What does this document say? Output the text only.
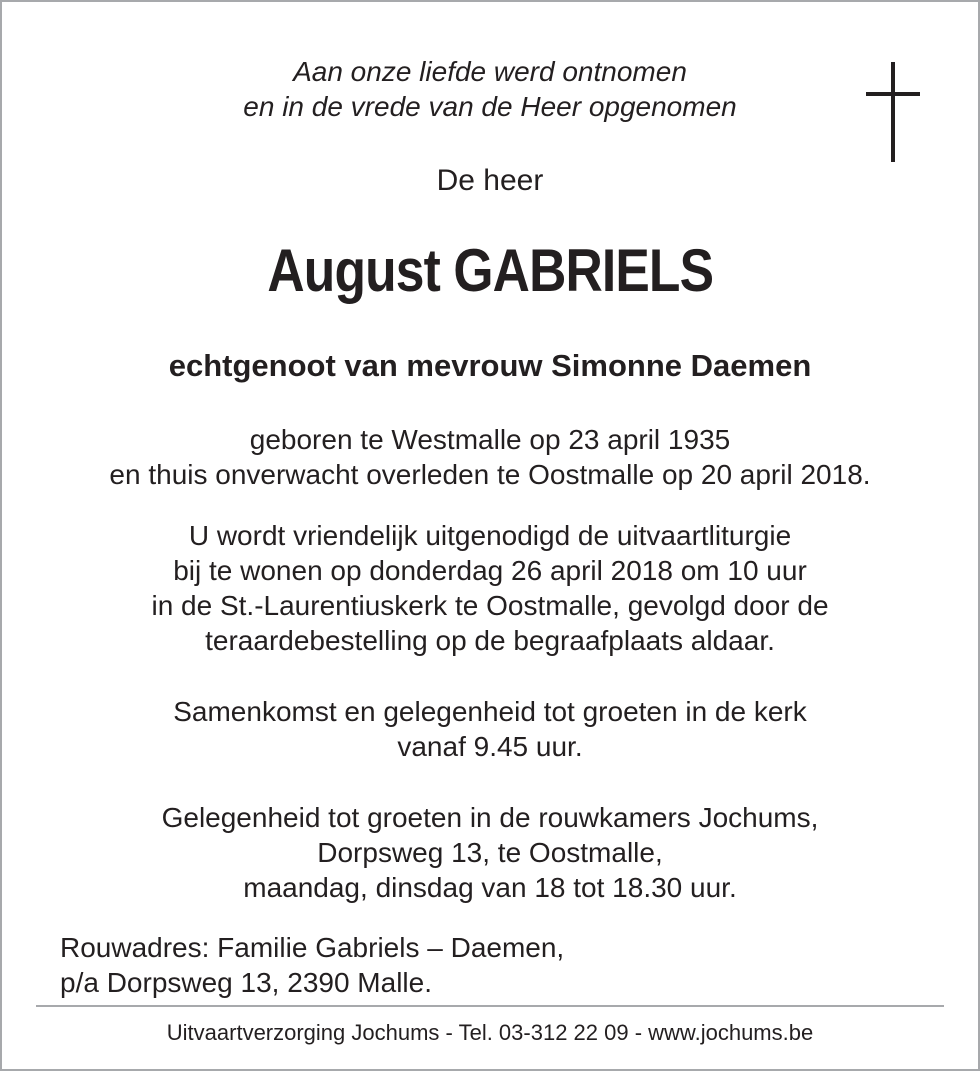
Aan onze liefde werd ontnomen
en in de vrede van de Heer opgenomen
De heer
August GABRIELS
echtgenoot van mevrouw Simonne Daemen
geboren te Westmalle op 23 april 1935
en thuis onverwacht overleden te Oostmalle op 20 april 2018.
U wordt vriendelijk uitgenodigd de uitvaartliturgie
bij te wonen op donderdag 26 april 2018 om 10 uur
in de St.-Laurentiuskerk te Oostmalle, gevolgd door de
teraardebestelling op de begraafplaats aldaar.
Samenkomst en gelegenheid tot groeten in de kerk
vanaf 9.45 uur.
Gelegenheid tot groeten in de rouwkamers Jochums,
Dorpsweg 13, te Oostmalle,
maandag, dinsdag van 18 tot 18.30 uur.
Rouwadres: Familie Gabriels – Daemen,
p/a Dorpsweg 13, 2390 Malle.
Uitvaartverzorging Jochums - Tel. 03-312 22 09 - www.jochums.be
